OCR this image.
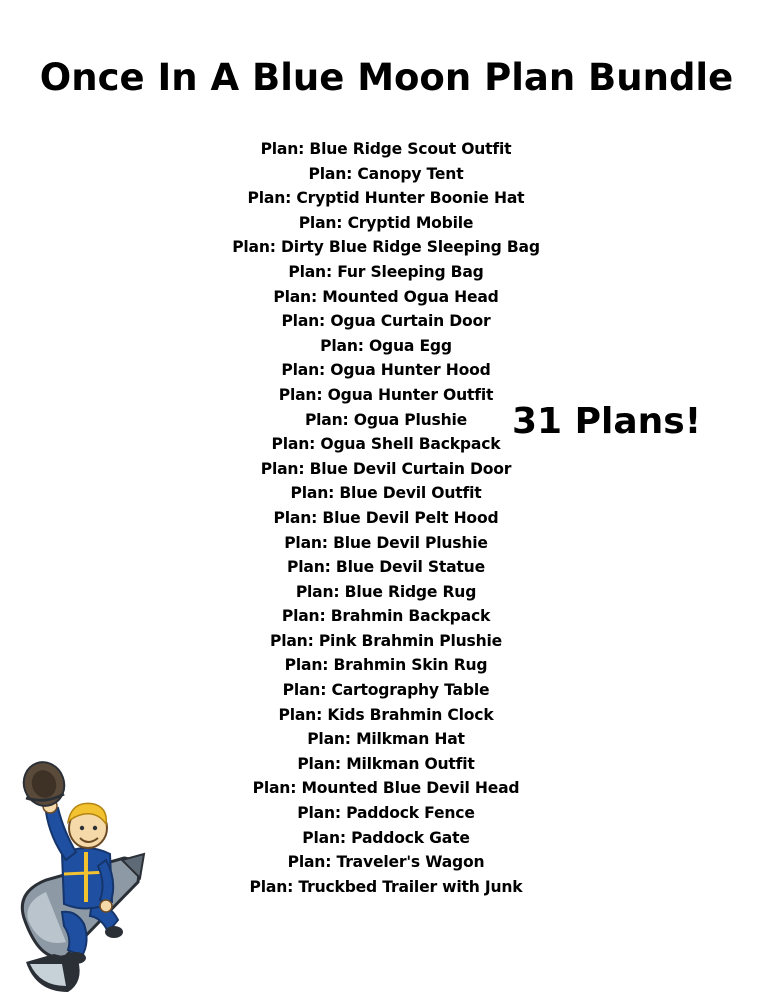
Once In A Blue Moon Plan Bundle
Plan: Blue Ridge Scout Outfit
Plan: Canopy Tent
Plan: Cryptid Hunter Boonie Hat
Plan: Cryptid Mobile
Plan: Dirty Blue Ridge Sleeping Bag
Plan: Fur Sleeping Bag
Plan: Mounted Ogua Head
Plan: Ogua Curtain Door
Plan: Ogua Egg
Plan: Ogua Hunter Hood
Plan: Ogua Hunter Outfit
Plan: Ogua Plushie
Plan: Ogua Shell Backpack
Plan: Blue Devil Curtain Door
Plan: Blue Devil Outfit
Plan: Blue Devil Pelt Hood
Plan: Blue Devil Plushie
Plan: Blue Devil Statue
Plan: Blue Ridge Rug
Plan: Brahmin Backpack
Plan: Pink Brahmin Plushie
Plan: Brahmin Skin Rug
Plan: Cartography Table
Plan: Kids Brahmin Clock
Plan: Milkman Hat
Plan: Milkman Outfit
Plan: Mounted Blue Devil Head
Plan: Paddock Fence
Plan: Paddock Gate
Plan: Traveler's Wagon
Plan: Truckbed Trailer with Junk
31 Plans!
